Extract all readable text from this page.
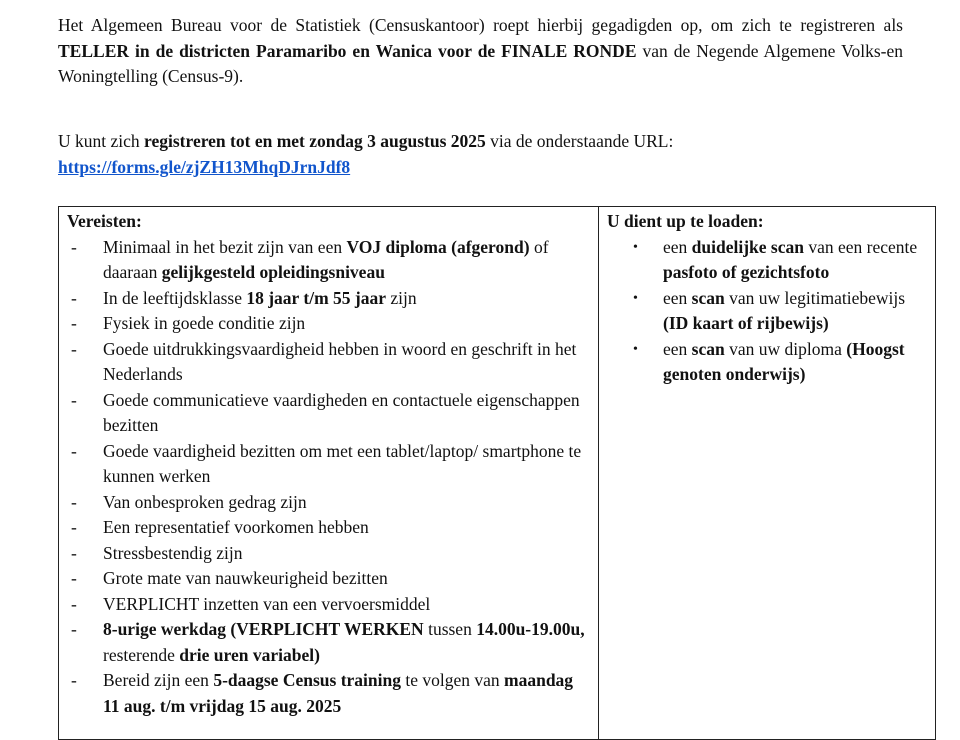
Het Algemeen Bureau voor de Statistiek (Censuskantoor) roept hierbij gegadigden op, om zich te registreren als TELLER in de districten Paramaribo en Wanica voor de FINALE RONDE van de Negende Algemene Volks-en Woningtelling (Census-9).

U kunt zich registreren tot en met zondag 3 augustus 2025 via de onderstaande URL:
https://forms.gle/zjZH13MhqDJrnJdf8

Vereisten:
- Minimaal in het bezit zijn van een VOJ diploma (afgerond) of daaraan gelijkgesteld opleidingsniveau
- In de leeftijdsklasse 18 jaar t/m 55 jaar zijn
- Fysiek in goede conditie zijn
- Goede uitdrukkingsvaardigheid hebben in woord en geschrift in het Nederlands
- Goede communicatieve vaardigheden en contactuele eigenschappen bezitten
- Goede vaardigheid bezitten om met een tablet/laptop/ smartphone te kunnen werken
- Van onbesproken gedrag zijn
- Een representatief voorkomen hebben
- Stressbestendig zijn
- Grote mate van nauwkeurigheid bezitten
- VERPLICHT inzetten van een vervoersmiddel
- 8-urige werkdag (VERPLICHT WERKEN tussen 14.00u-19.00u, resterende drie uren variabel)
- Bereid zijn een 5-daagse Census training te volgen van maandag 11 aug. t/m vrijdag 15 aug. 2025

U dient up te loaden:
• een duidelijke scan van een recente pasfoto of gezichtsfoto
• een scan van uw legitimatiebewijs (ID kaart of rijbewijs)
• een scan van uw diploma (Hoogst genoten onderwijs)
